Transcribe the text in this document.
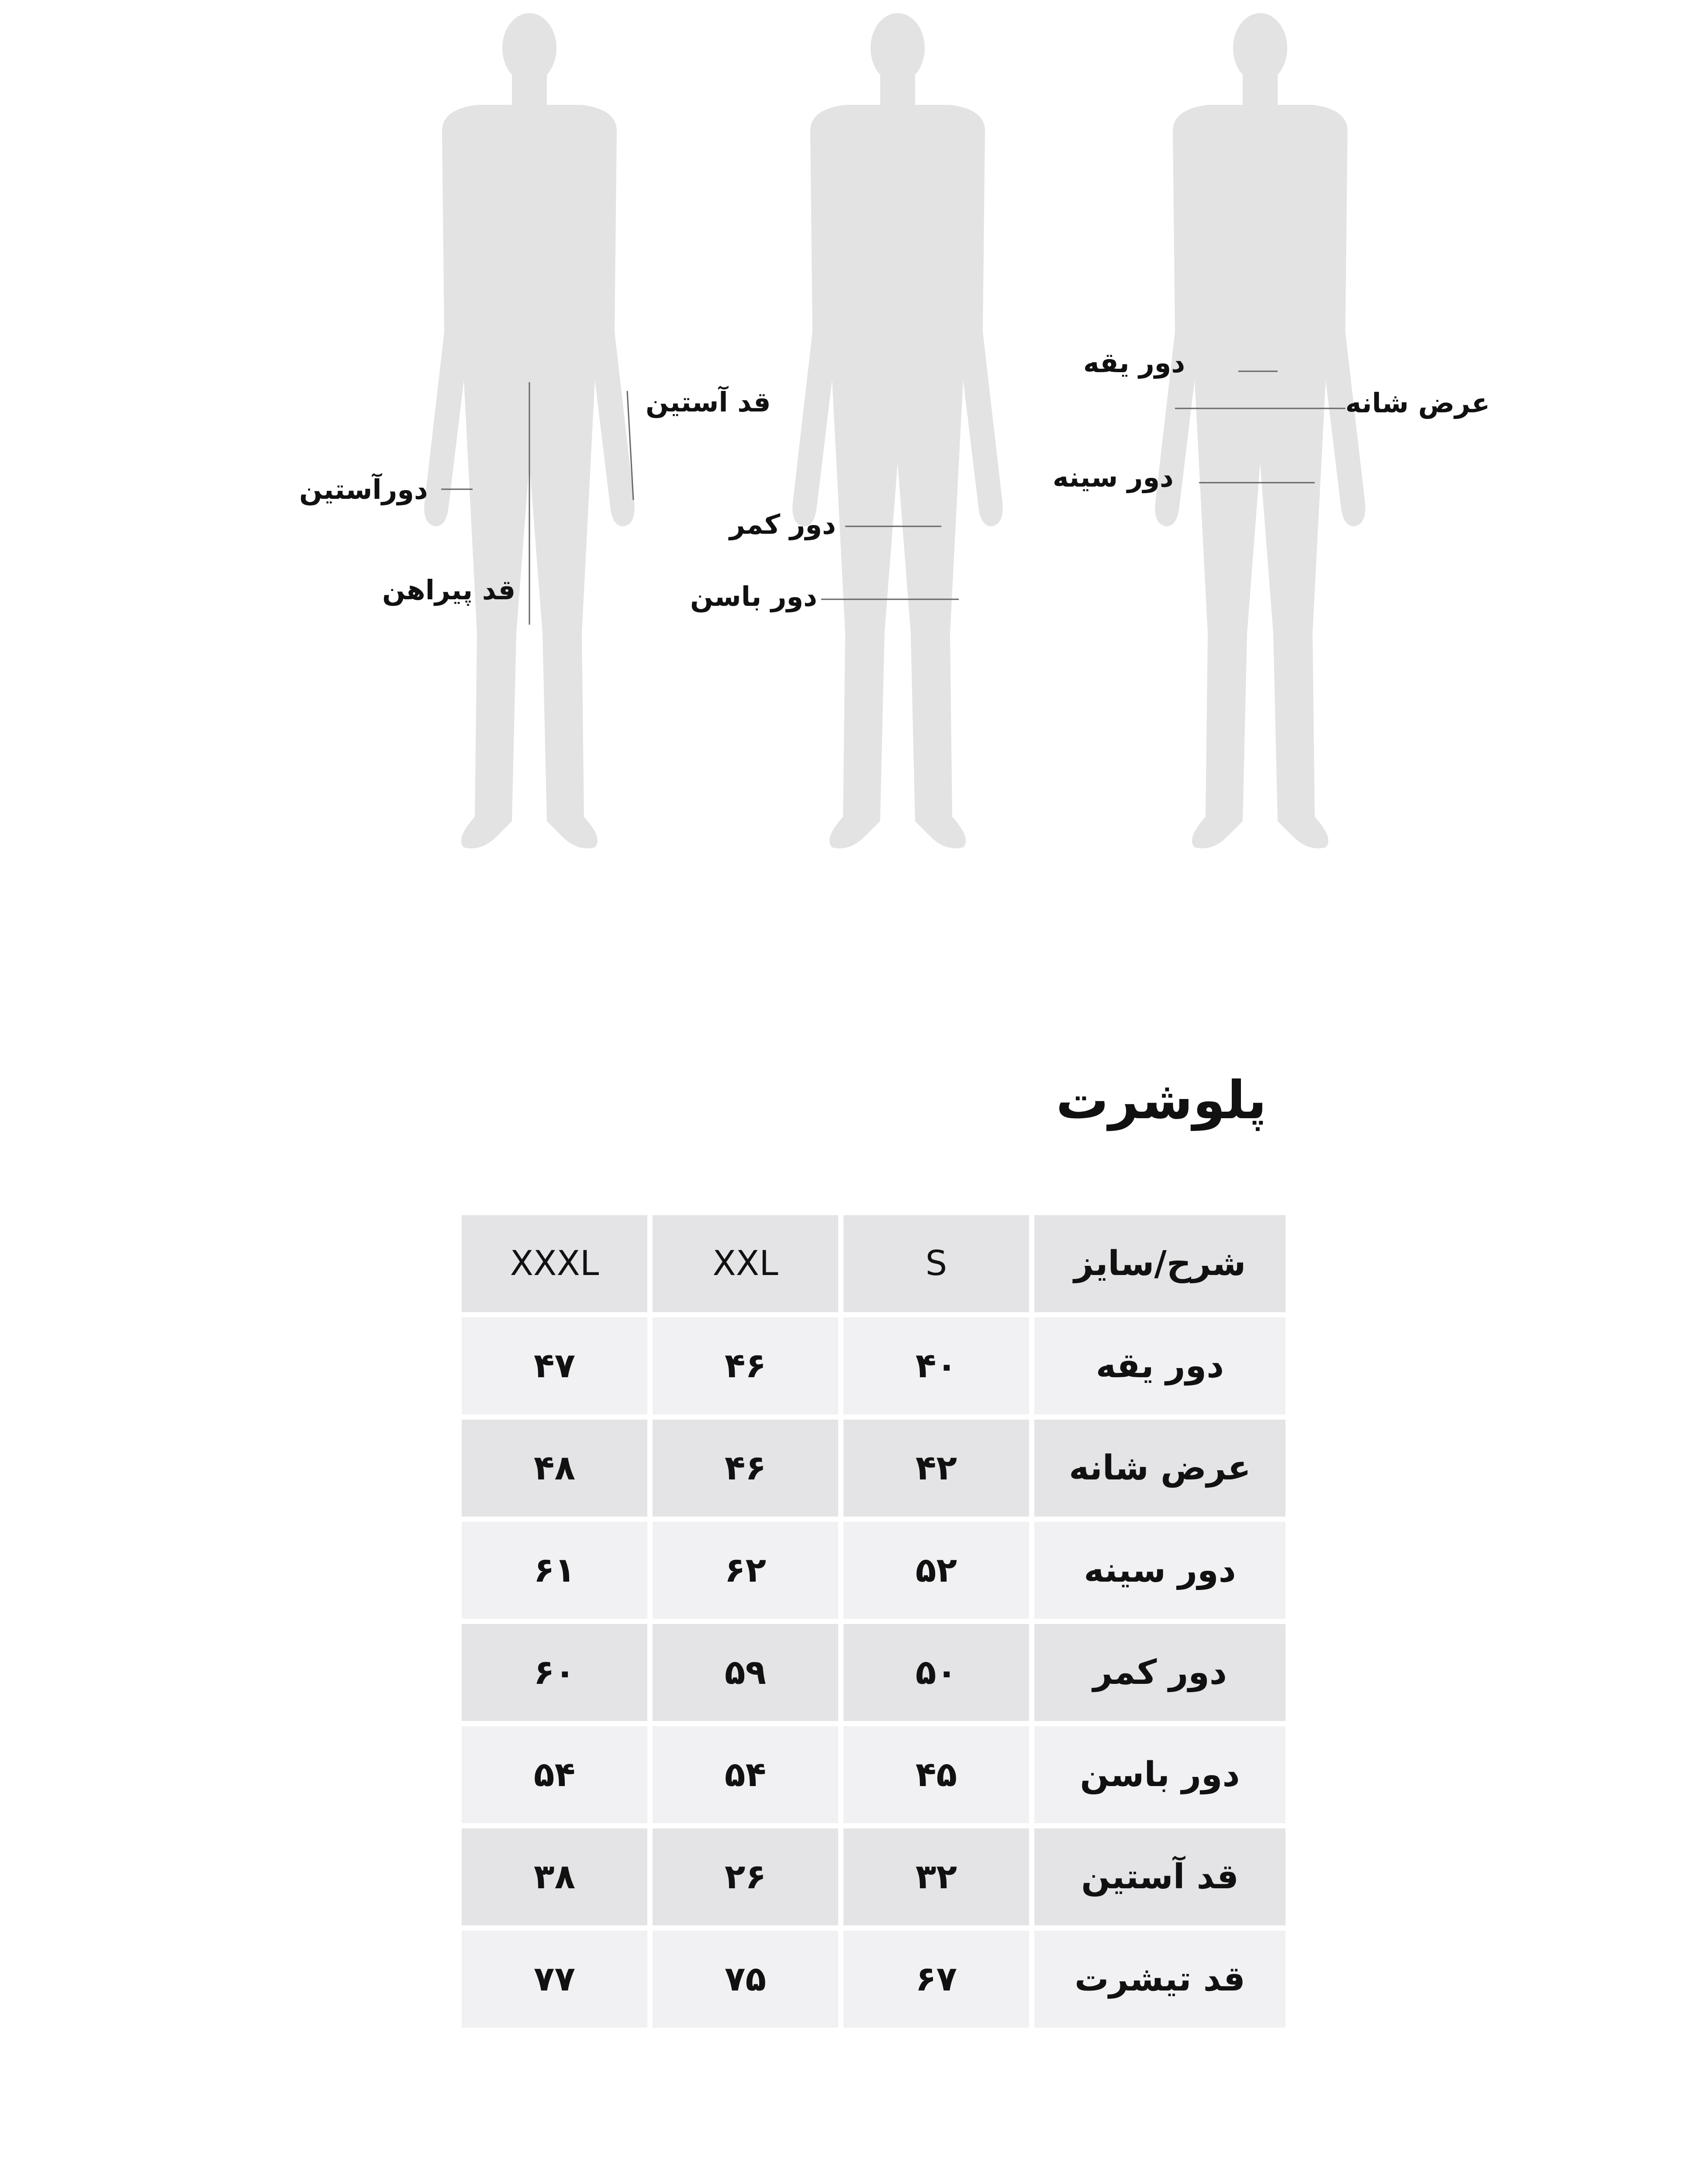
دور یقه
عرض شانه
دور سینه
دور کمر
دور باسن
قد آستین
دورآستین
قد پیراهن
پلوشرت
XXXL	XXL	S	شرح/سایز
۴۷	۴۶	۴۰	دور یقه
۴۸	۴۶	۴۲	عرض شانه
۶۱	۶۲	۵۲	دور سینه
۶۰	۵۹	۵۰	دور کمر
۵۴	۵۴	۴۵	دور باسن
۳۸	۲۶	۳۲	قد آستین
۷۷	۷۵	۶۷	قد تیشرت
